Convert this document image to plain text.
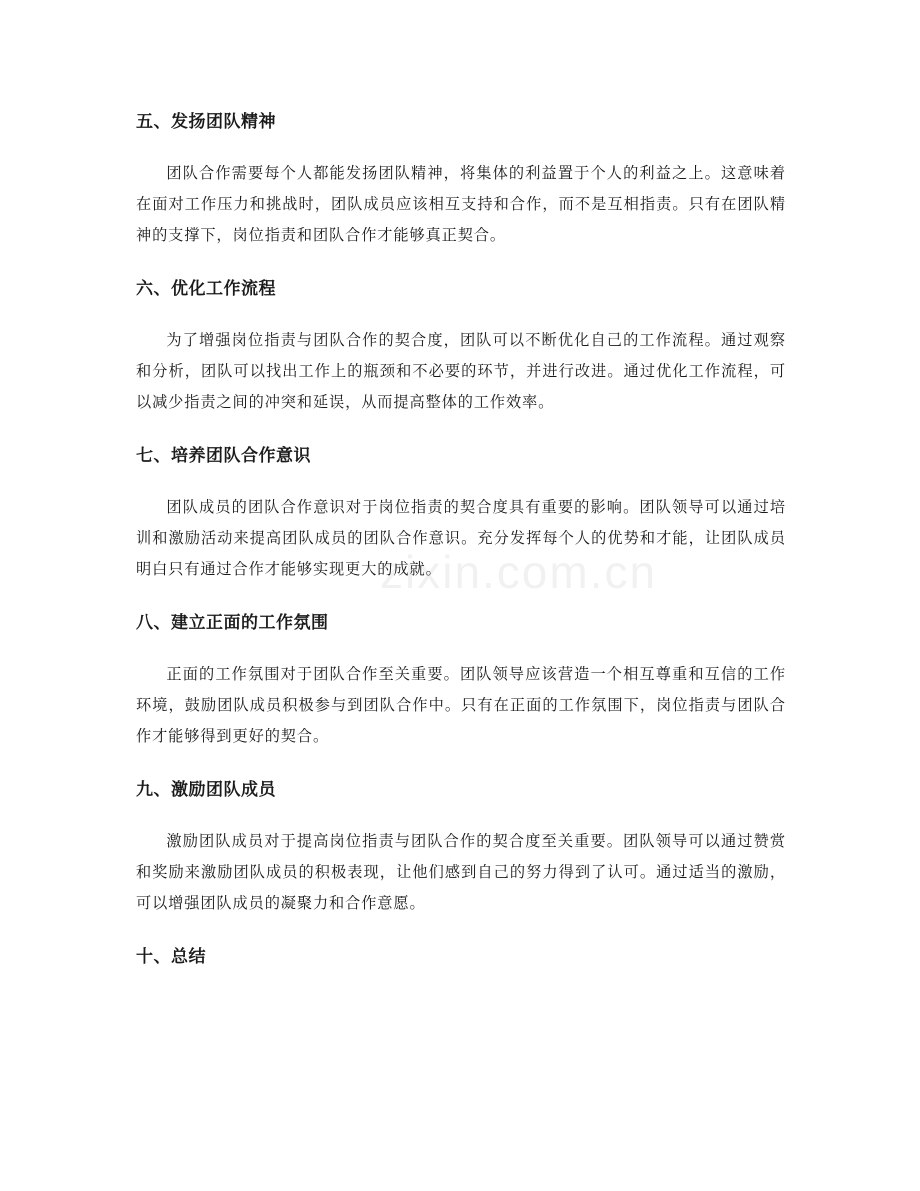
五、发扬团队精神

团队合作需要每个人都能发扬团队精神，将集体的利益置于个人的利益之上。这意味着在面对工作压力和挑战时，团队成员应该相互支持和合作，而不是互相指责。只有在团队精神的支撑下，岗位指责和团队合作才能够真正契合。

六、优化工作流程

为了增强岗位指责与团队合作的契合度，团队可以不断优化自己的工作流程。通过观察和分析，团队可以找出工作上的瓶颈和不必要的环节，并进行改进。通过优化工作流程，可以减少指责之间的冲突和延误，从而提高整体的工作效率。

七、培养团队合作意识

团队成员的团队合作意识对于岗位指责的契合度具有重要的影响。团队领导可以通过培训和激励活动来提高团队成员的团队合作意识。充分发挥每个人的优势和才能，让团队成员明白只有通过合作才能够实现更大的成就。

八、建立正面的工作氛围

正面的工作氛围对于团队合作至关重要。团队领导应该营造一个相互尊重和互信的工作环境，鼓励团队成员积极参与到团队合作中。只有在正面的工作氛围下，岗位指责与团队合作才能够得到更好的契合。

九、激励团队成员

激励团队成员对于提高岗位指责与团队合作的契合度至关重要。团队领导可以通过赞赏和奖励来激励团队成员的积极表现，让他们感到自己的努力得到了认可。通过适当的激励，可以增强团队成员的凝聚力和合作意愿。

十、总结
zixin.com.cn
